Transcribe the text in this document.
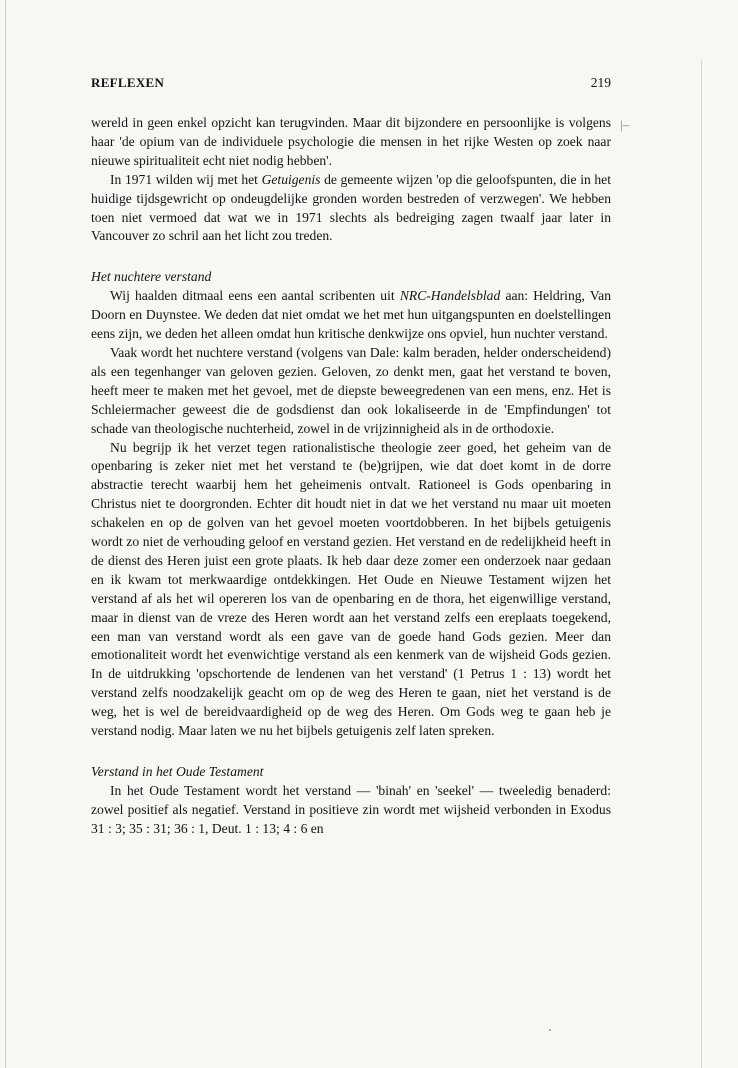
REFLEXEN	219
|–

wereld in geen enkel opzicht kan terugvinden. Maar dit bijzondere en persoonlijke is volgens haar 'de opium van de individuele psychologie die mensen in het rijke Westen op zoek naar nieuwe spiritualiteit echt niet nodig hebben'.

In 1971 wilden wij met het Getuigenis de gemeente wijzen 'op die geloofspunten, die in het huidige tijdsgewricht op ondeugdelijke gronden worden bestreden of verzwegen'. We hebben toen niet vermoed dat wat we in 1971 slechts als bedreiging zagen twaalf jaar later in Vancouver zo schril aan het licht zou treden.

Het nuchtere verstand

Wij haalden ditmaal eens een aantal scribenten uit NRC-Handelsblad aan: Heldring, Van Doorn en Duynstee. We deden dat niet omdat we het met hun uitgangspunten en doelstellingen eens zijn, we deden het alleen omdat hun kritische denkwijze ons opviel, hun nuchter verstand.

Vaak wordt het nuchtere verstand (volgens van Dale: kalm beraden, helder onderscheidend) als een tegenhanger van geloven gezien. Geloven, zo denkt men, gaat het verstand te boven, heeft meer te maken met het gevoel, met de diepste beweegredenen van een mens, enz. Het is Schleiermacher geweest die de godsdienst dan ook lokaliseerde in de 'Empfindungen' tot schade van theologische nuchterheid, zowel in de vrijzinnigheid als in de orthodoxie.

Nu begrijp ik het verzet tegen rationalistische theologie zeer goed, het geheim van de openbaring is zeker niet met het verstand te (be)grijpen, wie dat doet komt in de dorre abstractie terecht waarbij hem het geheimenis ontvalt. Rationeel is Gods openbaring in Christus niet te doorgronden. Echter dit houdt niet in dat we het verstand nu maar uit moeten schakelen en op de golven van het gevoel moeten voortdobberen. In het bijbels getuigenis wordt zo niet de verhouding geloof en verstand gezien. Het verstand en de redelijkheid heeft in de dienst des Heren juist een grote plaats. Ik heb daar deze zomer een onderzoek naar gedaan en ik kwam tot merkwaardige ontdekkingen. Het Oude en Nieuwe Testament wijzen het verstand af als het wil opereren los van de openbaring en de thora, het eigenwillige verstand, maar in dienst van de vreze des Heren wordt aan het verstand zelfs een ereplaats toegekend, een man van verstand wordt als een gave van de goede hand Gods gezien. Meer dan emotionaliteit wordt het evenwichtige verstand als een kenmerk van de wijsheid Gods gezien. In de uitdrukking 'opschortende de lendenen van het verstand' (1 Petrus 1 : 13) wordt het verstand zelfs noodzakelijk geacht om op de weg des Heren te gaan, niet het verstand is de weg, het is wel de bereidvaardigheid op de weg des Heren. Om Gods weg te gaan heb je verstand nodig. Maar laten we nu het bijbels getuigenis zelf laten spreken.

Verstand in het Oude Testament

In het Oude Testament wordt het verstand — 'binah' en 'seekel' — tweeledig benaderd: zowel positief als negatief. Verstand in positieve zin wordt met wijsheid verbonden in Exodus 31 : 3; 35 : 31; 36 : 1, Deut. 1 : 13; 4 : 6 en
